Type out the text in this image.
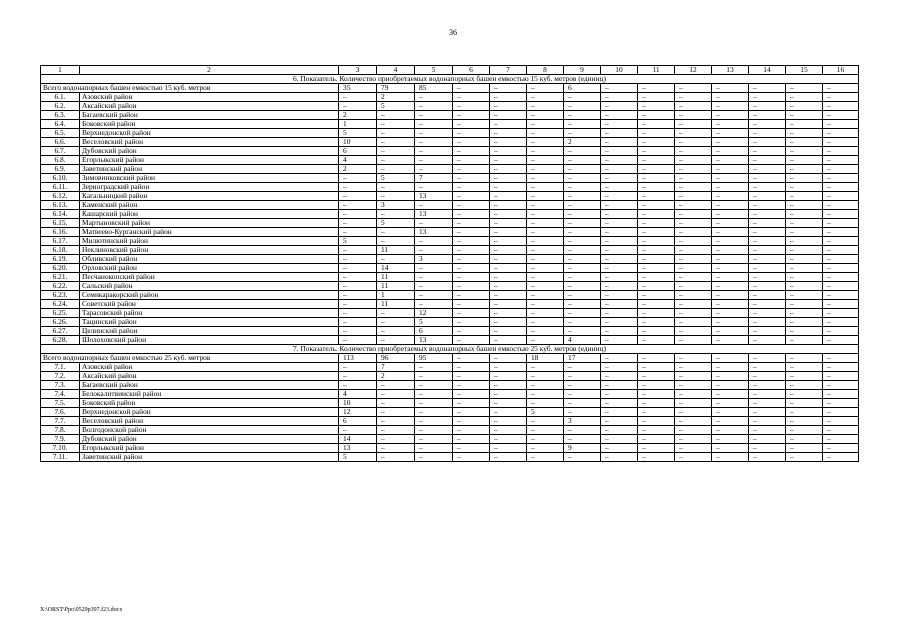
36
1	2	3	4	5	6	7	8	9	10	11	12	13	14	15	16
6. Показатель. Количество приобретаемых водонапорных башен емкостью 15 куб. метров (единиц)															
Всего водонапорных башен емкостью 15 куб. метров		35	79	85	–	–	–	6	–	–	–	–	–	–	–
6.1.	Азовский район	–	2	–	–	–	–	–	–	–	–	–	–	–	–
6.2.	Аксайский район	–	5	–	–	–	–	–	–	–	–	–	–	–	–
6.3.	Багаевский район	2	–	–	–	–	–	–	–	–	–	–	–	–	–
6.4.	Боковский район	1	–	–	–	–	–	–	–	–	–	–	–	–	–
6.5.	Верхнедонской район	5	–	–	–	–	–	–	–	–	–	–	–	–	–
6.6.	Веселовский район	10	–	–	–	–	–	2	–	–	–	–	–	–	–
6.7.	Дубовский район	6	–	–	–	–	–	–	–	–	–	–	–	–	–
6.8.	Егорлыкский район	4	–	–	–	–	–	–	–	–	–	–	–	–	–
6.9.	Заветинский район	2	–	–	–	–	–	–	–	–	–	–	–	–	–
6.10.	Зимовниковский район	–	5	7	–	–	–	–	–	–	–	–	–	–	–
6.11.	Зерноградский район	–	–	–	–	–	–	–	–	–	–	–	–	–	–
6.12.	Кагальницкий район	–	–	13	–	–	–	–	–	–	–	–	–	–	–
6.13.	Каменский район	–	3	–	–	–	–	–	–	–	–	–	–	–	–
6.14.	Кашарский район	–	–	13	–	–	–	–	–	–	–	–	–	–	–
6.15.	Мартыновский район	–	5	–	–	–	–	–	–	–	–	–	–	–	–
6.16.	Матвеево-Курганский район	–	–	13	–	–	–	–	–	–	–	–	–	–	–
6.17.	Милютинский район	5	–	–	–	–	–	–	–	–	–	–	–	–	–
6.18.	Неклиновский район	–	11	–	–	–	–	–	–	–	–	–	–	–	–
6.19.	Обливский район	–	–	3	–	–	–	–	–	–	–	–	–	–	–
6.20.	Орловский район	–	14	–	–	–	–	–	–	–	–	–	–	–	–
6.21.	Песчанокопский район	–	11	–	–	–	–	–	–	–	–	–	–	–	–
6.22.	Сальский район	–	11	–	–	–	–	–	–	–	–	–	–	–	–
6.23.	Семикаракорский район	–	1	–	–	–	–	–	–	–	–	–	–	–	–
6.24.	Советский район	–	11	–	–	–	–	–	–	–	–	–	–	–	–
6.25.	Тарасовский район	–	–	12	–	–	–	–	–	–	–	–	–	–	–
6.26.	Тацинский район	–	–	5	–	–	–	–	–	–	–	–	–	–	–
6.27.	Целинский район	–	–	6	–	–	–	–	–	–	–	–	–	–	–
6.28.	Шолоховский район	–	–	13	–	–	–	4	–	–	–	–	–	–	–
7. Показатель. Количество приобретаемых водонапорных башен емкостью 25 куб. метров (единиц)															
Всего водонапорных башен емкостью 25 куб. метров		113	96	95	–	–	18	17	–	–	–	–	–	–	–
7.1.	Азовский район	–	7	–	–	–	–	–	–	–	–	–	–	–	–
7.2.	Аксайский район	–	2	–	–	–	–	–	–	–	–	–	–	–	–
7.3.	Багаевский район	–	–	–	–	–	–	–	–	–	–	–	–	–	–
7.4.	Белокалитвинский район	4	–	–	–	–	–	–	–	–	–	–	–	–	–
7.5.	Боковский район	10	–	–	–	–	–	–	–	–	–	–	–	–	–
7.6.	Верхнедонской район	12	–	–	–	–	5	–	–	–	–	–	–	–	–
7.7.	Веселовский район	6	–	–	–	–	–	3	–	–	–	–	–	–	–
7.8.	Волгодонской район	–	–	–	–	–	–	–	–	–	–	–	–	–	–
7.9.	Дубовский район	14	–	–	–	–	–	–	–	–	–	–	–	–	–
7.10.	Егорлыкский район	13	–	–	–	–	–	9	–	–	–	–	–	–	–
7.11.	Заветинский район	5	–	–	–	–	–	–	–	–	–	–	–	–	–
X:\ORST\Ppo\0529p397.f23.docx
